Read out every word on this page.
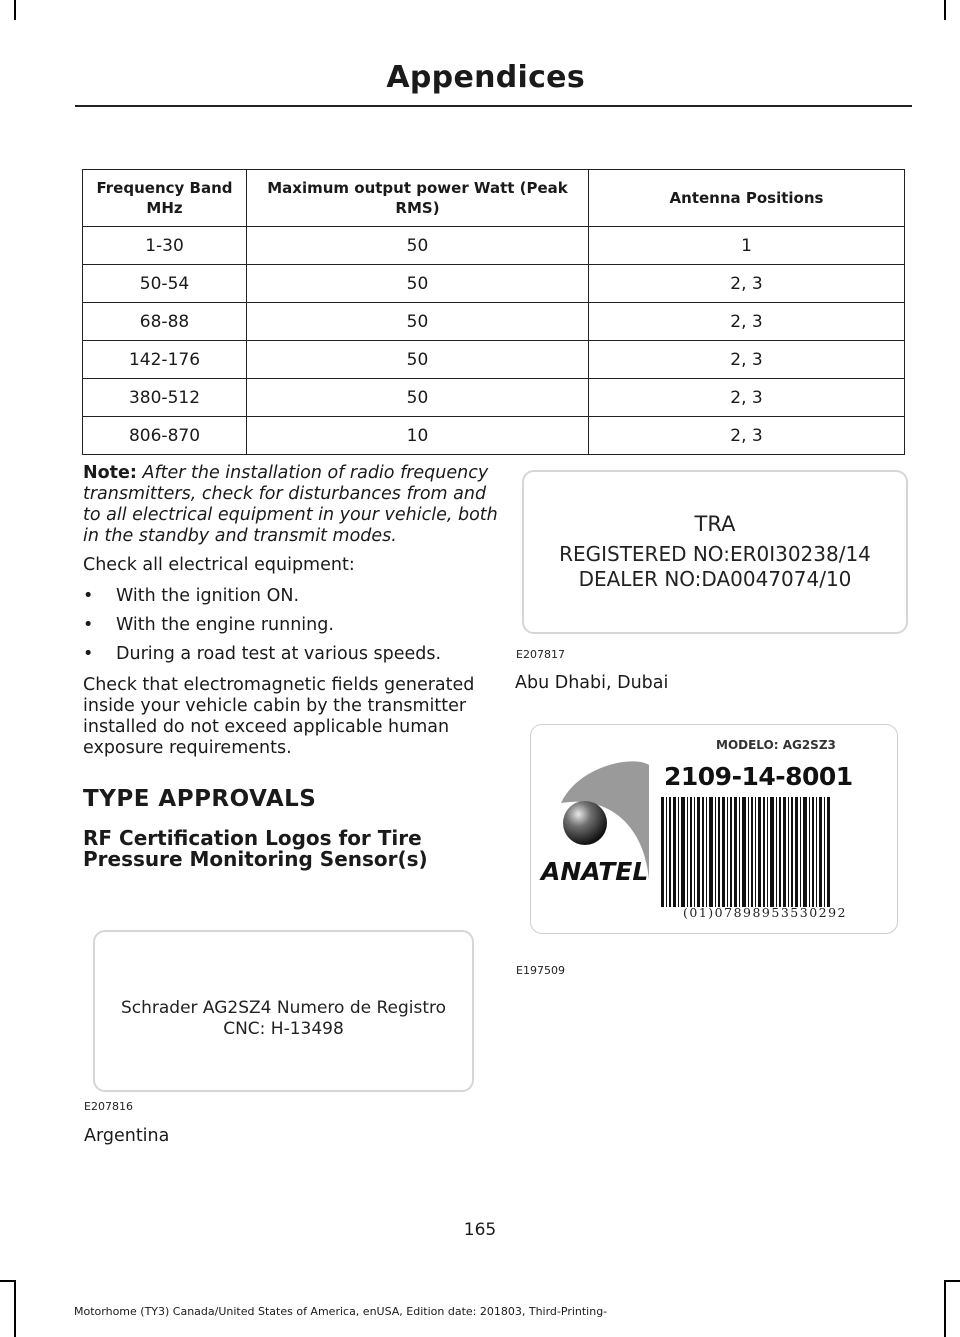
Appendices
Frequency Band MHz	Maximum output power Watt (Peak RMS)	Antenna Positions
1-30	50	1
50-54	50	2, 3
68-88	50	2, 3
142-176	50	2, 3
380-512	50	2, 3
806-870	10	2, 3

Note: After the installation of radio frequency transmitters, check for disturbances from and to all electrical equipment in your vehicle, both in the standby and transmit modes.

Check all electrical equipment:

• With the ignition ON.
• With the engine running.
• During a road test at various speeds.

Check that electromagnetic fields generated inside your vehicle cabin by the transmitter installed do not exceed applicable human exposure requirements.

TYPE APPROVALS
RF Certification Logos for Tire Pressure Monitoring Sensor(s)
Schrader AG2SZ4 Numero de Registro
CNC: H-13498
E207816
Argentina
TRA
REGISTERED NO:ER0I30238/14
DEALER NO:DA0047074/10
E207817
Abu Dhabi, Dubai
ANATEL
MODELO: AG2SZ3
2109-14-8001
(01)07898953530292
E197509
165
Motorhome (TY3) Canada/United States of America, enUSA, Edition date: 201803, Third-Printing-
